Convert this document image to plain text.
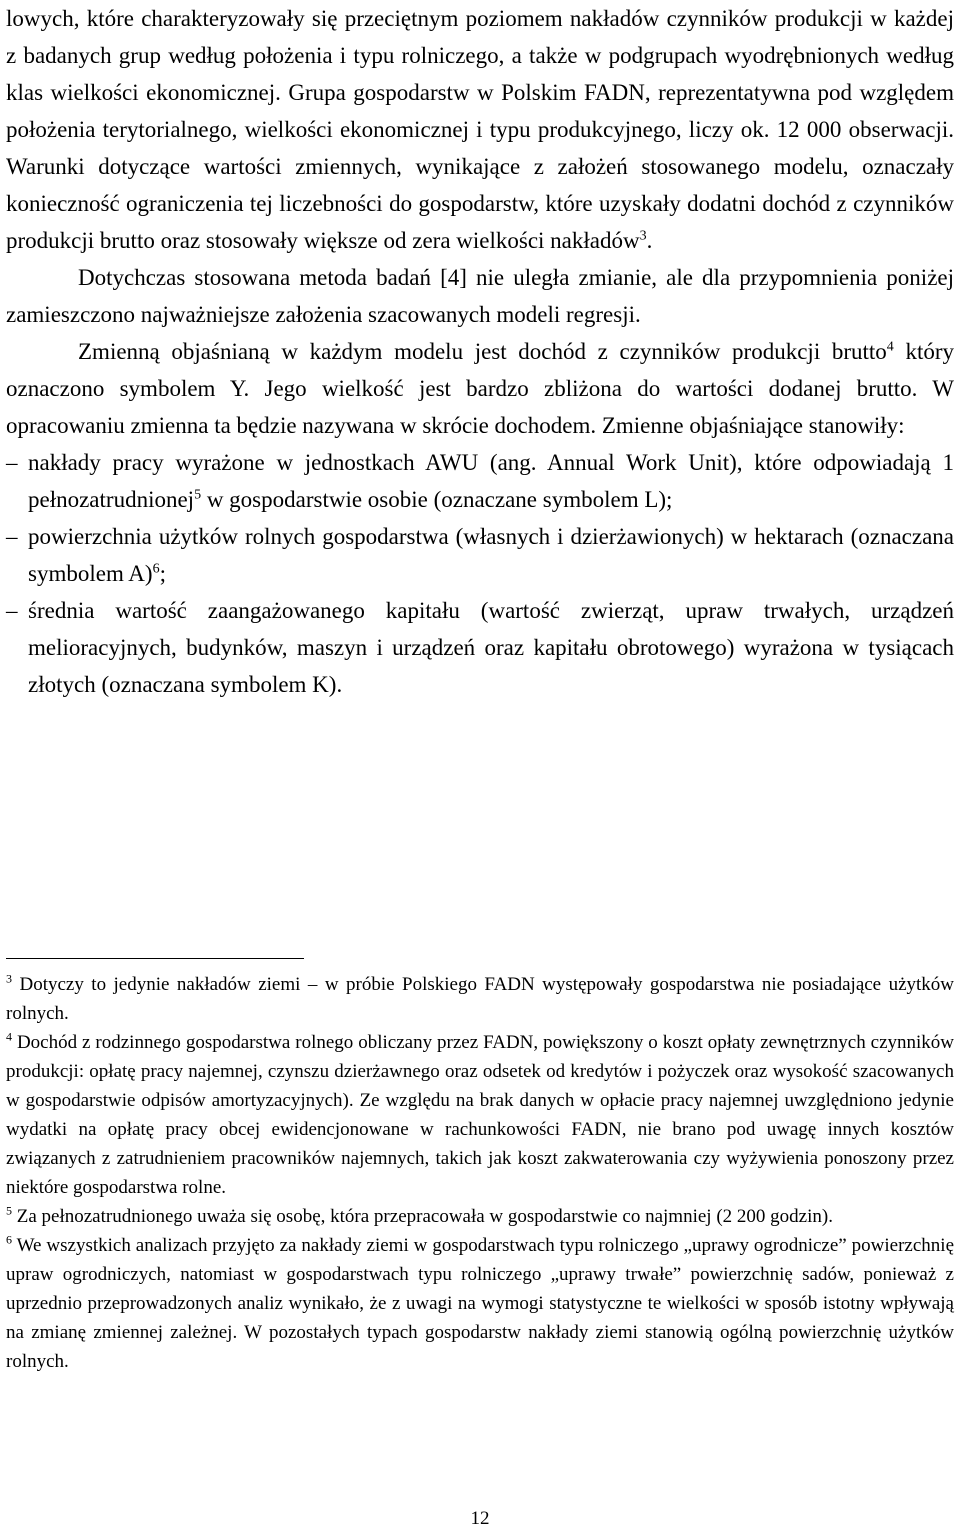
lowych, które charakteryzowały się przeciętnym poziomem nakładów czynników produkcji w każdej z badanych grup według położenia i typu rolniczego, a także w podgrupach wyodrębnionych według klas wielkości ekonomicznej. Grupa gospodarstw w Polskim FADN, reprezentatywna pod względem położenia terytorialnego, wielkości ekonomicznej i typu produkcyjnego, liczy ok. 12 000 obserwacji. Warunki dotyczące wartości zmiennych, wynikające z założeń stosowanego modelu, oznaczały konieczność ograniczenia tej liczebności do gospodarstw, które uzyskały dodatni dochód z czynników produkcji brutto oraz stosowały większe od zera wielkości nakładów$^3$.

Dotychczas stosowana metoda badań [4] nie uległa zmianie, ale dla przypomnienia poniżej zamieszczono najważniejsze założenia szacowanych modeli regresji.

Zmienną objaśnianą w każdym modelu jest dochód z czynników produkcji brutto$^4$ który oznaczono symbolem Y. Jego wielkość jest bardzo zbliżona do wartości dodanej brutto. W opracowaniu zmienna ta będzie nazywana w skrócie dochodem. Zmienne objaśniające stanowiły:

– nakłady pracy wyrażone w jednostkach AWU (ang. Annual Work Unit), które odpowiadają 1 pełnozatrudnionej$^5$ w gospodarstwie osobie (oznaczane symbolem L);
– powierzchnia użytków rolnych gospodarstwa (własnych i dzierżawionych) w hektarach (oznaczana symbolem A)$^6$;
– średnia wartość zaangażowanego kapitału (wartość zwierząt, upraw trwałych, urządzeń melioracyjnych, budynków, maszyn i urządzeń oraz kapitału obrotowego) wyrażona w tysiącach złotych (oznaczana symbolem K).

$^3$ Dotyczy to jedynie nakładów ziemi – w próbie Polskiego FADN występowały gospodarstwa nie posiadające użytków rolnych.

$^4$ Dochód z rodzinnego gospodarstwa rolnego obliczany przez FADN, powiększony o koszt opłaty zewnętrznych czynników produkcji: opłatę pracy najemnej, czynszu dzierżawnego oraz odsetek od kredytów i pożyczek oraz wysokość szacowanych w gospodarstwie odpisów amortyzacyjnych). Ze względu na brak danych w opłacie pracy najemnej uwzględniono jedynie wydatki na opłatę pracy obcej ewidencjonowane w rachunkowości FADN, nie brano pod uwagę innych kosztów związanych z zatrudnieniem pracowników najemnych, takich jak koszt zakwaterowania czy wyżywienia ponoszony przez niektóre gospodarstwa rolne.

$^5$ Za pełnozatrudnionego uważa się osobę, która przepracowała w gospodarstwie co najmniej (2 200 godzin).

$^6$ We wszystkich analizach przyjęto za nakłady ziemi w gospodarstwach typu rolniczego „uprawy ogrodnicze” powierzchnię upraw ogrodniczych, natomiast w gospodarstwach typu rolniczego „uprawy trwałe” powierzchnię sadów, ponieważ z uprzednio przeprowadzonych analiz wynikało, że z uwagi na wymogi statystyczne te wielkości w sposób istotny wpływają na zmianę zmiennej zależnej. W pozostałych typach gospodarstw nakłady ziemi stanowią ogólną powierzchnię użytków rolnych.

12
